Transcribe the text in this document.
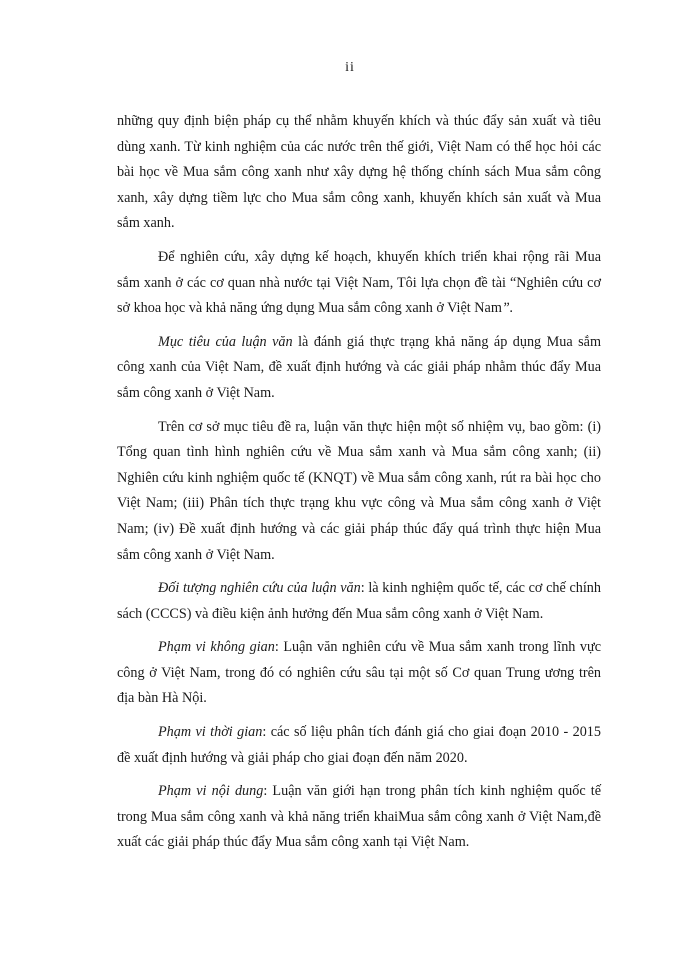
ii

những quy định biện pháp cụ thể nhằm khuyến khích và thúc đẩy sản xuất và tiêu dùng xanh. Từ kinh nghiệm của các nước trên thế giới, Việt Nam có thể học hỏi các bài học về Mua sắm công xanh như xây dựng hệ thống chính sách Mua sắm công xanh, xây dựng tiềm lực cho Mua sắm công xanh, khuyến khích sản xuất và Mua sắm xanh.

Để nghiên cứu, xây dựng kế hoạch, khuyến khích triển khai rộng rãi Mua sắm xanh ở các cơ quan nhà nước tại Việt Nam, Tôi lựa chọn đề tài “Nghiên cứu cơ sở khoa học và khả năng ứng dụng Mua sắm công xanh ở Việt Nam”.

Mục tiêu của luận văn là đánh giá thực trạng khả năng áp dụng Mua sắm công xanh của Việt Nam, đề xuất định hướng và các giải pháp nhằm thúc đẩy Mua sắm công xanh ở Việt Nam.

Trên cơ sở mục tiêu đề ra, luận văn thực hiện một số nhiệm vụ, bao gồm: (i) Tổng quan tình hình nghiên cứu về Mua sắm xanh và Mua sắm công xanh; (ii) Nghiên cứu kinh nghiệm quốc tế (KNQT) về Mua sắm công xanh, rút ra bài học cho Việt Nam; (iii) Phân tích thực trạng khu vực công và Mua sắm công xanh ở Việt Nam; (iv) Đề xuất định hướng và các giải pháp thúc đẩy quá trình thực hiện Mua sắm công xanh ở Việt Nam.

Đối tượng nghiên cứu của luận văn: là kinh nghiệm quốc tế, các cơ chế chính sách (CCCS) và điều kiện ảnh hưởng đến Mua sắm công xanh ở Việt Nam.

Phạm vi không gian: Luận văn nghiên cứu về Mua sắm xanh trong lĩnh vực công ở Việt Nam, trong đó có nghiên cứu sâu tại một số Cơ quan Trung ương trên địa bàn Hà Nội.

Phạm vi thời gian: các số liệu phân tích đánh giá cho giai đoạn 2010 - 2015 đề xuất định hướng và giải pháp cho giai đoạn đến năm 2020.

Phạm vi nội dung: Luận văn giới hạn trong phân tích kinh nghiệm quốc tế trong Mua sắm công xanh và khả năng triển khaiMua sắm công xanh ở Việt Nam,đề xuất các giải pháp thúc đẩy Mua sắm công xanh tại Việt Nam.
